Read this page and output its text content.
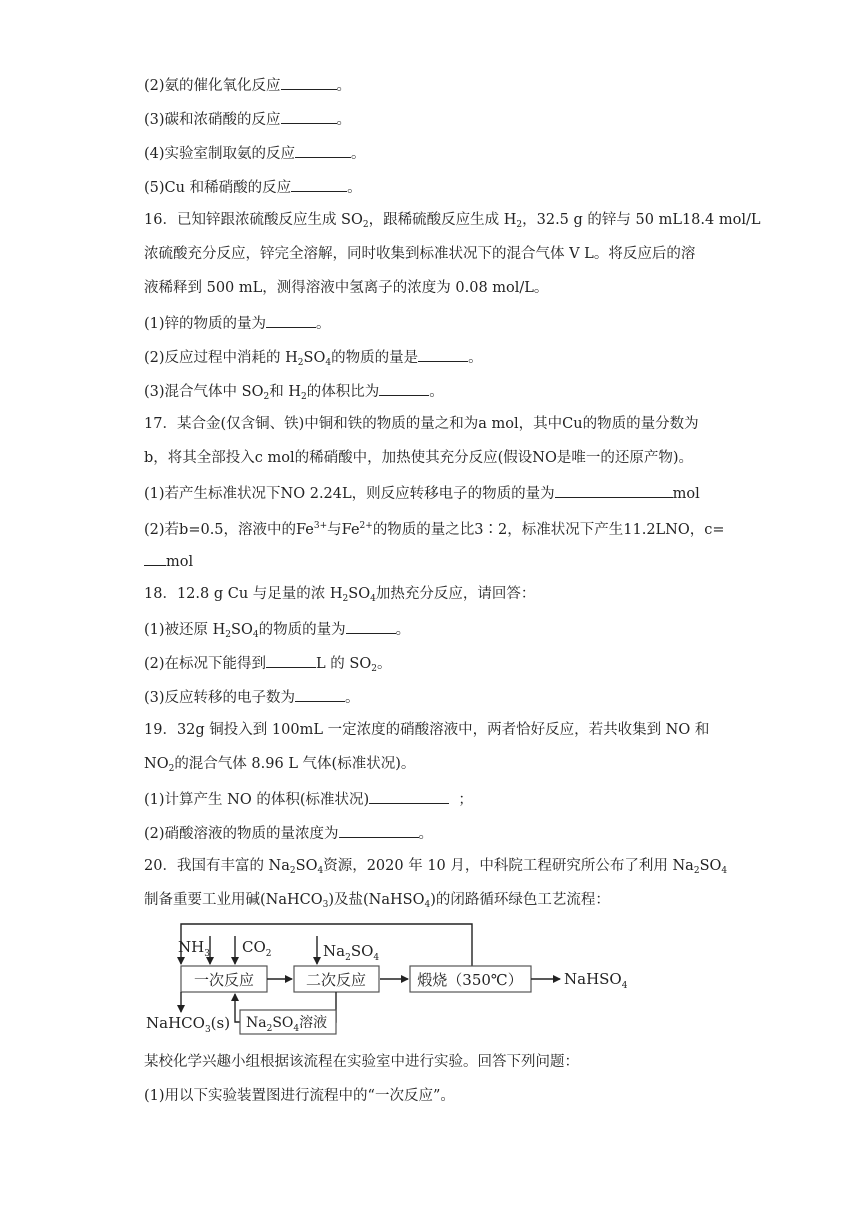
(2)氨的催化氧化反应	。
(3)碳和浓硝酸的反应	。
(4)实验室制取氨的反应	。
(5)Cu 和稀硝酸的反应	。
16．已知锌跟浓硫酸反应生成 $SO_2$，跟稀硫酸反应生成 $H_2$，32.5 g 的锌与 50 mL18.4 mol/L
浓硫酸充分反应，锌完全溶解，同时收集到标准状况下的混合气体 V L。将反应后的溶
液稀释到 500 mL，测得溶液中氢离子的浓度为 0.08 mol/L。
(1)锌的物质的量为	。
(2)反应过程中消耗的 $H_2SO_4$的物质的量是	。
(3)混合气体中 $SO_2$和 $H_2$的体积比为	。
17．某合金(仅含铜、铁)中铜和铁的物质的量之和为a mol，其中Cu的物质的量分数为
b，将其全部投入c mol的稀硝酸中，加热使其充分反应(假设NO是唯一的还原产物)。
(1)若产生标准状况下NO 2.24L，则反应转移电子的物质的量为	mol
(2)若b=0.5，溶液中的$Fe^{3+}$与$Fe^{2+}$的物质的量之比3∶2，标准状况下产生11.2LNO，c=
mol
18．12.8 g Cu 与足量的浓 $H_2SO_4$加热充分反应，请回答：
(1)被还原 $H_2SO_4$的物质的量为	。
(2)在标况下能得到	L 的 $SO_2$。
(3)反应转移的电子数为	。
19．32g 铜投入到 100mL 一定浓度的硝酸溶液中，两者恰好反应，若共收集到 NO 和
$NO_2$的混合气体 8.96 L 气体(标准状况)。
(1)计算产生 NO 的体积(标准状况)	；
(2)硝酸溶液的物质的量浓度为	。
20．我国有丰富的 $Na_2SO_4$资源，2020 年 10 月，中科院工程研究所公布了利用 $Na_2SO_4$
制备重要工业用碱(NaHCO$_3$)及盐(NaHSO$_4$)的闭路循环绿色工艺流程：
$NH_3$ $CO_2$	$Na_2SO_4$
一次反应	二次反应	煅烧（350℃）	NaHSO$_4$
NaHCO$_3$(s) $Na_2SO_4$溶液
某校化学兴趣小组根据该流程在实验室中进行实验。回答下列问题：
(1)用以下实验装置图进行流程中的“一次反应”。
